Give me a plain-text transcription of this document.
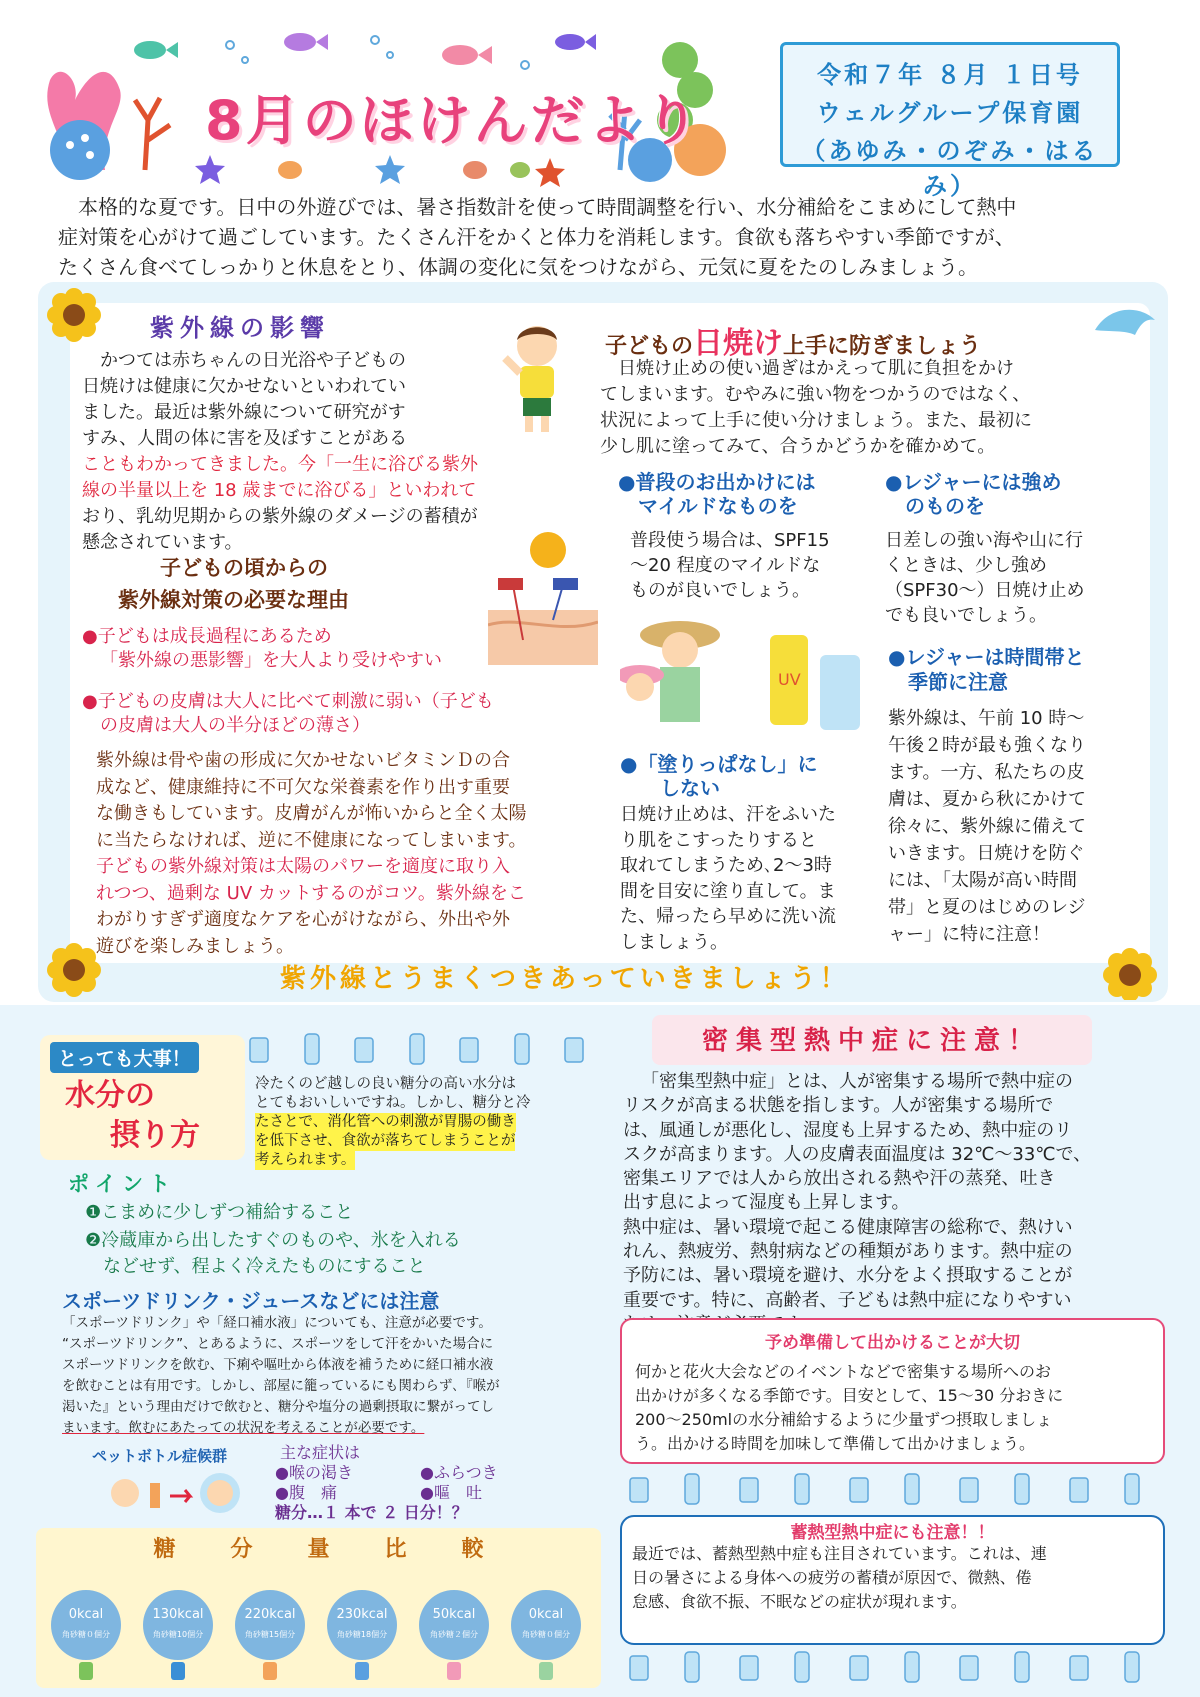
8月のほけんだより
令和７年 ８月 １日号
ウェルグループ保育園
（あゆみ・のぞみ・はるみ）
本格的な夏です。日中の外遊びでは、暑さ指数計を使って時間調整を行い、水分補給をこまめにして熱中
症対策を心がけて過ごしています。たくさん汗をかくと体力を消耗します。食欲も落ちやすい季節ですが、
たくさん食べてしっかりと休息をとり、体調の変化に気をつけながら、元気に夏をたのしみましょう。
紫外線の影響
かつては赤ちゃんの日光浴や子どもの
日焼けは健康に欠かせないといわれてい
ました。最近は紫外線について研究がす
すみ、人間の体に害を及ぼすことがある
こともわかってきました。今「一生に浴びる紫外
線の半量以上を 18 歳までに浴びる」といわれて
おり、乳幼児期からの紫外線のダメージの蓄積が
懸念されています。
子どもの頃からの
紫外線対策の必要な理由
●子どもは成長過程にあるため
「紫外線の悪影響」を大人より受けやすい
●子どもの皮膚は大人に比べて刺激に弱い（子ども
の皮膚は大人の半分ほどの薄さ）
紫外線は骨や歯の形成に欠かせないビタミンＤの合
成など、健康維持に不可欠な栄養素を作り出す重要
な働きもしています。皮膚がんが怖いからと全く太陽
に当たらなければ、逆に不健康になってしまいます。
子どもの紫外線対策は太陽のパワーを適度に取り入
れつつ、過剰な UV カットするのがコツ。紫外線をこ
わがりすぎず適度なケアを心がけながら、外出や外
遊びを楽しみましょう。
子どもの日焼け上手に防ぎましょう
日焼け止めの使い過ぎはかえって肌に負担をかけ
てしまいます。むやみに強い物をつかうのではなく、
状況によって上手に使い分けましょう。また、最初に
少し肌に塗ってみて、合うかどうかを確かめて。
●普段のお出かけには
　マイルドなものを
普段使う場合は、SPF15
～20 程度のマイルドな
ものが良いでしょう。
●レジャーには強め
　のものを
日差しの強い海や山に行
くときは、少し強め
（SPF30～）日焼け止め
でも良いでしょう。
UV
●レジャーは時間帯と
　季節に注意
紫外線は、午前 10 時～
午後２時が最も強くなり
ます。一方、私たちの皮
膚は、夏から秋にかけて
徐々に、紫外線に備えて
いきます。日焼けを防ぐ
には、「太陽が高い時間
帯」と夏のはじめのレジ
ャー」に特に注意！
●「塗りっぱなし」に
　　しない
日焼け止めは、汗をふいた
り肌をこすったりすると
取れてしまうため､2～3時
間を目安に塗り直して。ま
た、帰ったら早めに洗い流
しましょう。
紫外線とうまくつきあっていきましょう！
とっても大事！
水分の
摂り方
冷たくのど越しの良い糖分の高い水分は
とてもおいしいですね。しかし、糖分と冷
たさとで、消化管への刺激が胃腸の働き を低下させ、食欲が落ちてしまうことが 考えられます。
ポイント
❶こまめに少しずつ補給すること
❷冷蔵庫から出したすぐのものや、氷を入れる
　などせず、程よく冷えたものにすること
スポーツドリンク・ジュースなどには注意
「スポーツドリンク」や「経口補水液」についても、注意が必要です。
“スポーツドリンク”、とあるように、スポーツをして汗をかいた場合に
スポーツドリンクを飲む、下痢や嘔吐から体液を補うために経口補水液
を飲むことは有用です。しかし、部屋に籠っているにも関わらず､『喉が
渇いた』という理由だけで飲むと、糖分や塩分の過剰摂取に繋がってし
まいます。飲むにあたっての状況を考えることが必要です。
ペットボトル症候群	主な症状は
●喉の渇き	●ふらつき
●腹　痛	●嘔　吐
糖分…１ 本で ２ 日分！？
糖分量比較
0kcal
角砂糖０個分
130kcal
角砂糖10個分
220kcal
角砂糖15個分
230kcal
角砂糖18個分
50kcal
角砂糖２個分
0kcal
角砂糖０個分
密集型熱中症に注意！
「密集型熱中症」とは、人が密集する場所で熱中症の
リスクが高まる状態を指します。人が密集する場所で
は、風通しが悪化し、湿度も上昇するため、熱中症のリ
スクが高まります。人の皮膚表面温度は 32℃～33℃で、
密集エリアでは人から放出される熱や汗の蒸発、吐き
出す息によって湿度も上昇します。
熱中症は、暑い環境で起こる健康障害の総称で、熱けい
れん、熱疲労、熱射病などの種類があります。熱中症の
予防には、暑い環境を避け、水分をよく摂取することが
重要です。特に、高齢者、子どもは熱中症になりやすい
予め準備して出かけることが大切
何かと花火大会などのイベントなどで密集する場所へのお
出かけが多くなる季節です。目安として、15～30 分おきに
200～250mlの水分補給するように少量ずつ摂取しましょ
う。出かける時間を加味して準備して出かけましょう。
蓄熱型熱中症にも注意！！
最近では、蓄熱型熱中症も注目されています。これは、連
日の暑さによる身体への疲労の蓄積が原因で、微熱、倦
怠感、食欲不振、不眠などの症状が現れます。
